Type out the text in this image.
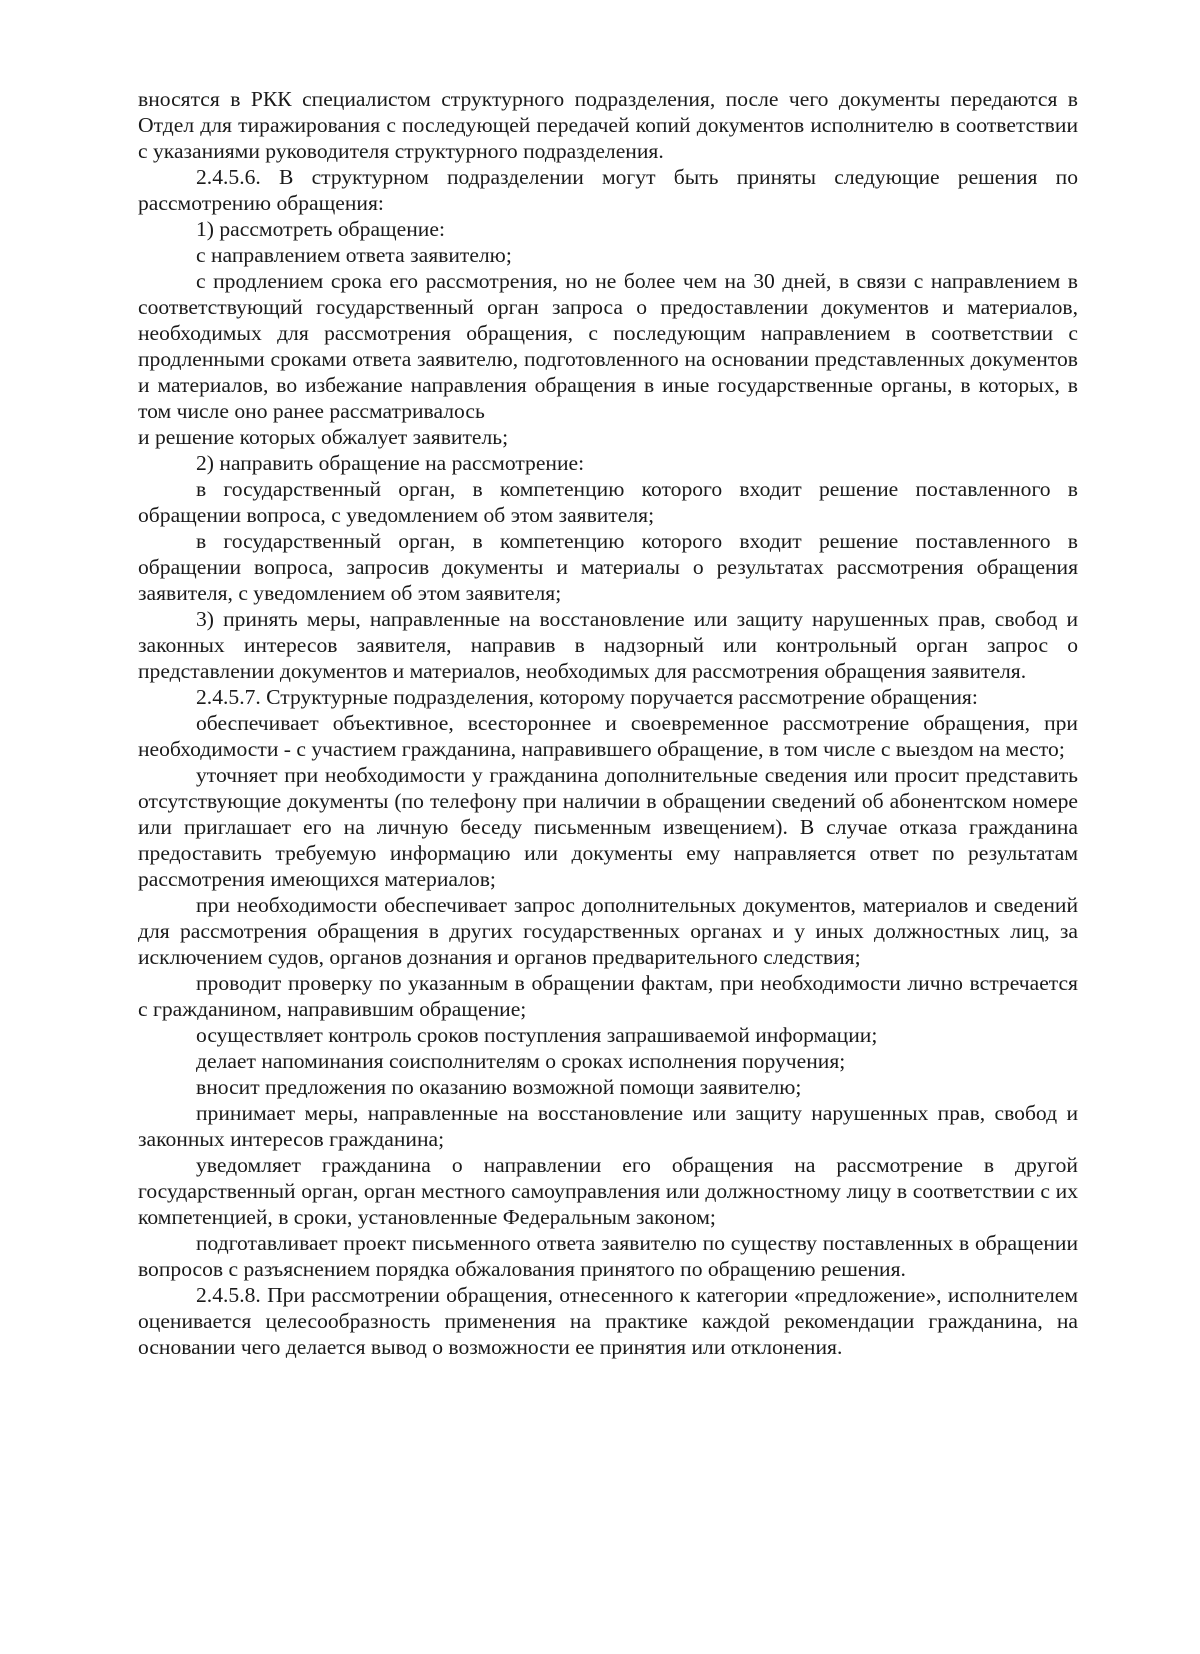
вносятся в РКК специалистом структурного подразделения, после чего документы передаются в Отдел для тиражирования с последующей передачей копий документов исполнителю в соответствии с указаниями руководителя структурного подразделения.

2.4.5.6. В структурном подразделении могут быть приняты следующие решения по рассмотрению обращения:

1) рассмотреть обращение:

с направлением ответа заявителю;

с продлением срока его рассмотрения, но не более чем на 30 дней, в связи с направлением в соответствующий государственный орган запроса о предоставлении документов и материалов, необходимых для рассмотрения обращения, с последующим направлением в соответствии с продленными сроками ответа заявителю, подготовленного на основании представленных документов и материалов, во избежание направления обращения в иные государственные органы, в которых, в том числе оно ранее рассматривалось

и решение которых обжалует заявитель;

2) направить обращение на рассмотрение:

в государственный орган, в компетенцию которого входит решение поставленного в обращении вопроса, с уведомлением об этом заявителя;

в государственный орган, в компетенцию которого входит решение поставленного в обращении вопроса, запросив документы и материалы о результатах рассмотрения обращения заявителя, с уведомлением об этом заявителя;

3) принять меры, направленные на восстановление или защиту нарушенных прав, свобод и законных интересов заявителя, направив в надзорный или контрольный орган запрос о представлении документов и материалов, необходимых для рассмотрения обращения заявителя.

2.4.5.7. Структурные подразделения, которому поручается рассмотрение обращения:

обеспечивает объективное, всестороннее и своевременное рассмотрение обращения, при необходимости - с участием гражданина, направившего обращение, в том числе с выездом на место;

уточняет при необходимости у гражданина дополнительные сведения или просит представить отсутствующие документы (по телефону при наличии в обращении сведений об абонентском номере или приглашает его на личную беседу письменным извещением). В случае отказа гражданина предоставить требуемую информацию или документы ему направляется ответ по результатам рассмотрения имеющихся материалов;

при необходимости обеспечивает запрос дополнительных документов, материалов и сведений для рассмотрения обращения в других государственных органах и у иных должностных лиц, за исключением судов, органов дознания и органов предварительного следствия;

проводит проверку по указанным в обращении фактам, при необходимости лично встречается с гражданином, направившим обращение;

осуществляет контроль сроков поступления запрашиваемой информации;

делает напоминания соисполнителям о сроках исполнения поручения;

вносит предложения по оказанию возможной помощи заявителю;

принимает меры, направленные на восстановление или защиту нарушенных прав, свобод и законных интересов гражданина;

уведомляет гражданина о направлении его обращения на рассмотрение в другой государственный орган, орган местного самоуправления или должностному лицу в соответствии с их компетенцией, в сроки, установленные Федеральным законом;

подготавливает проект письменного ответа заявителю по существу поставленных в обращении вопросов с разъяснением порядка обжалования принятого по обращению решения.

2.4.5.8. При рассмотрении обращения, отнесенного к категории «предложение», исполнителем оценивается целесообразность применения на практике каждой рекомендации гражданина, на основании чего делается вывод о возможности ее принятия или отклонения.
